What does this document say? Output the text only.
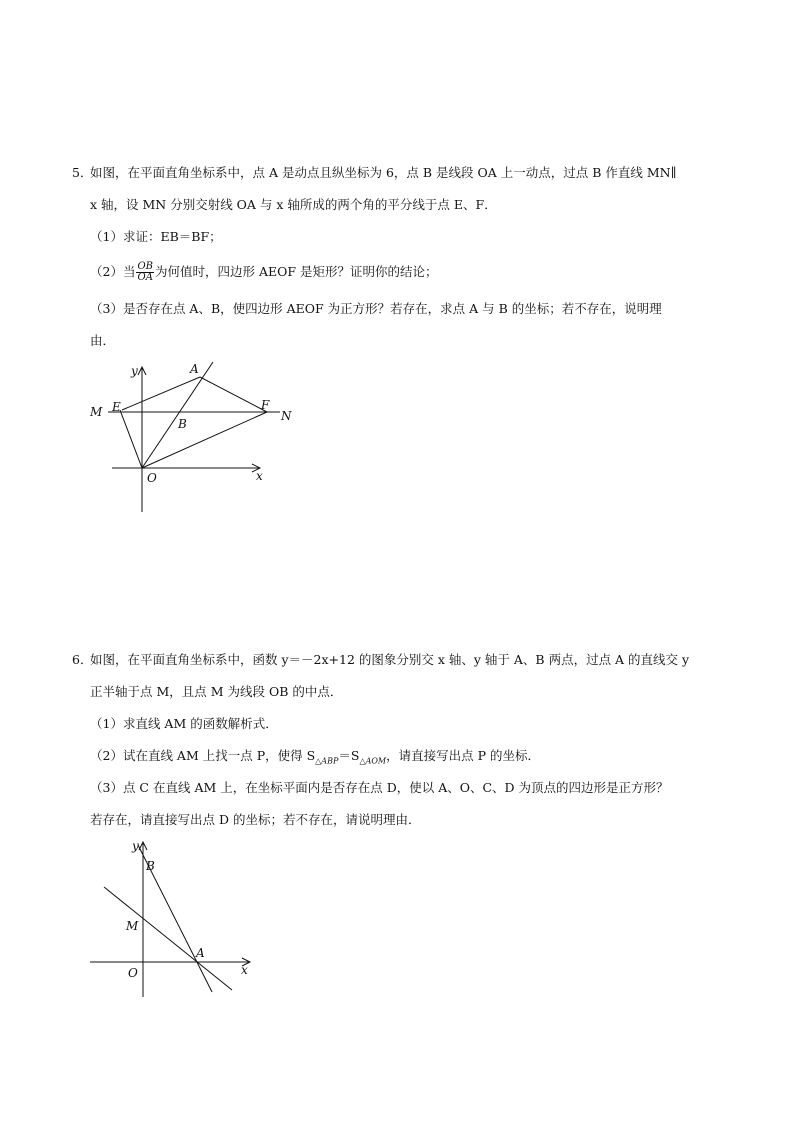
5．
如图，在平面直角坐标系中，点 A 是动点且纵坐标为 6，点 B 是线段 OA 上一动点，过点 B 作直线 MN∥
x 轴，设 MN 分别交射线 OA 与 x 轴所成的两个角的平分线于点 E、F．
（1）求证：EB＝BF；
（2）当 $\frac{OB}{OA}$ 为何值时，四边形 AEOF 是矩形？证明你的结论；
（3）是否存在点 A、B，使四边形 AEOF 为正方形？若存在，求点 A 与 B 的坐标；若不存在，说明理
由．
y	A
M E	F
N
B
O	x
6．
如图，在平面直角坐标系中，函数 y＝－2x+12 的图象分别交 x 轴、y 轴于 A、B 两点，过点 A 的直线交 y
正半轴于点 M，且点 M 为线段 OB 的中点．
（1）求直线 AM 的函数解析式．
（2）试在直线 AM 上找一点 P，使得 $S_{\triangle ABP}=S_{\triangle AOM}$，请直接写出点 P 的坐标．
（3）点 C 在直线 AM 上，在坐标平面内是否存在点 D，使以 A、O、C、D 为顶点的四边形是正方形？
若存在，请直接写出点 D 的坐标；若不存在，请说明理由．
y
B
M
A
O	x
